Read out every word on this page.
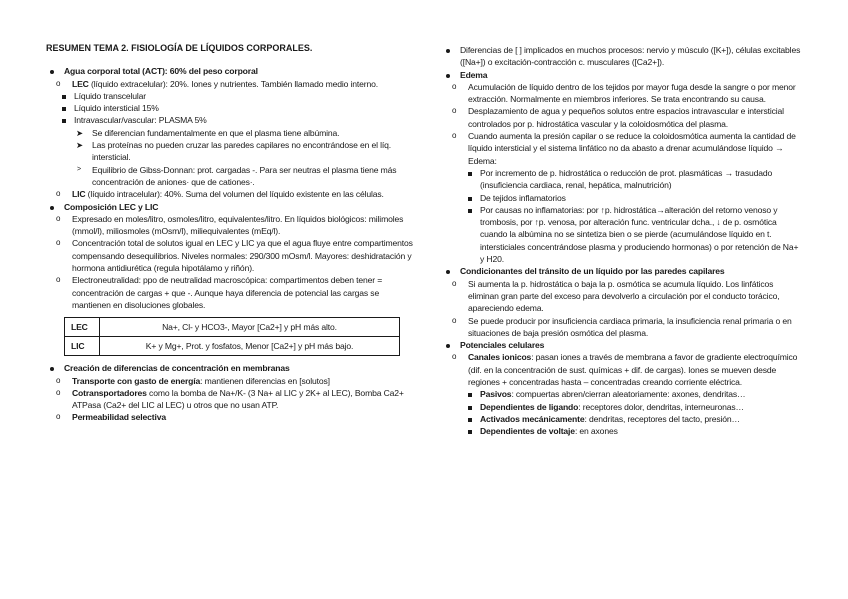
RESUMEN TEMA 2. FISIOLOGÍA DE LÍQUIDOS CORPORALES.
Agua corporal total (ACT): 60% del peso corporal
o LEC (líquido extracelular): 20%. Iones y nutrientes. También llamado medio interno.
Líquido transcelular
Líquido intersticial 15%
Intravascular/vascular: PLASMA 5%
➤ Se diferencian fundamentalmente en que el plasma tiene albúmina.
➤ Las proteínas no pueden cruzar las paredes capilares no encontrándose en el líq. intersticial.
˃ Equilibrio de Gibss-Donnan: prot. cargadas -. Para ser neutras el plasma tiene más concentración de aniones· que de cationes·.
o LIC (líquido intracelular): 40%. Suma del volumen del líquido existente en las células.
Composición LEC y LIC
o Expresado en moles/litro, osmoles/litro, equivalentes/litro. En líquidos biológicos: milimoles (mmol/l), miliosmoles (mOsm/l), miliequivalentes (mEq/l).
o Concentración total de solutos igual en LEC y LIC ya que el agua fluye entre compartimentos compensando desequilibrios. Niveles normales: 290/300 mOsm/l. Mayores: deshidratación y hormona antidiurética (regula hipotálamo y riñón).
o Electroneutralidad: ppo de neutralidad macroscópica: compartimentos deben tener = concentración de cargas + que -. Aunque haya diferencia de potencial las cargas se mantienen en disoluciones globales.
LEC	Na+, Cl- y HCO3-, Mayor [Ca2+] y pH más alto.
LIC	K+ y Mg+, Prot. y fosfatos, Menor [Ca2+] y pH más bajo.
Creación de diferencias de concentración en membranas
o Transporte con gasto de energía: mantienen diferencias en [solutos]
o Cotransportadores como la bomba de Na+/K- (3 Na+ al LIC y 2K+ al LEC), Bomba Ca2+ ATPasa (Ca2+ del LIC al LEC) u otros que no usan ATP.
o Permeabilidad selectiva
Diferencias de [ ] implicados en muchos procesos: nervio y músculo ([K+]), células excitables ([Na+]) o excitación-contracción c. musculares ([Ca2+]).
Edema
o Acumulación de líquido dentro de los tejidos por mayor fuga desde la sangre o por menor extracción. Normalmente en miembros inferiores. Se trata encontrando su causa.
o Desplazamiento de agua y pequeños solutos entre espacios intravascular e intersticial controlados por p. hidrostática vascular y la coloidosmótica del plasma.
o Cuando aumenta la presión capilar o se reduce la coloidosmótica aumenta la cantidad de líquido intersticial y el sistema linfático no da abasto a drenar acumulándose líquido → Edema:
Por incremento de p. hidrostática o reducción de prot. plasmáticas → trasudado (insuficiencia cardiaca, renal, hepática, malnutrición)
De tejidos inflamatorios
Por causas no inflamatorias: por ↑p. hidrostática→alteración del retorno venoso y trombosis, por ↑p. venosa, por alteración func. ventricular dcha., ↓ de p. osmótica cuando la albúmina no se sintetiza bien o se pierde (acumulándose líquido en t. intersticiales concentrándose plasma y produciendo hormonas) o por retención de Na+ y H20.
Condicionantes del tránsito de un líquido por las paredes capilares
o Si aumenta la p. hidrostática o baja la p. osmótica se acumula líquido. Los linfáticos eliminan gran parte del exceso para devolverlo a circulación por el conducto torácico, apareciendo edema.
o Se puede producir por insuficiencia cardiaca primaria, la insuficiencia renal primaria o en situaciones de baja presión osmótica del plasma.
Potenciales celulares
o Canales ionicos: pasan iones a través de membrana a favor de gradiente electroquímico (dif. en la concentración de sust. químicas + dif. de cargas). Iones se mueven desde regiones + concentradas hasta – concentradas creando corriente eléctrica.
Pasivos: compuertas abren/cierran aleatoriamente: axones, dendritas…
Dependientes de ligando: receptores dolor, dendritas, interneuronas…
Activados mecánicamente: dendritas, receptores del tacto, presión…
Dependientes de voltaje: en axones
